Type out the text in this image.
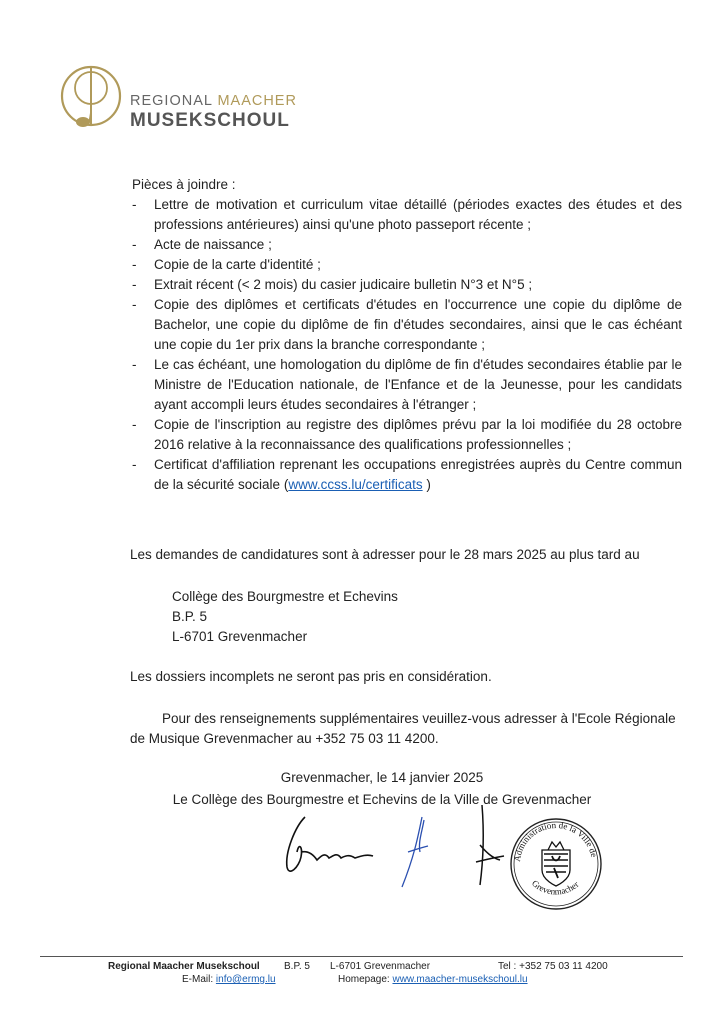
REGIONAL MAACHER
MUSEKSCHOUL
Pièces à joindre :
- Lettre de motivation et curriculum vitae détaillé (périodes exactes des études et des professions antérieures) ainsi qu'une photo passeport récente ;
- Acte de naissance ;
- Copie de la carte d'identité ;
- Extrait récent (< 2 mois) du casier judicaire bulletin N°3 et N°5 ;
- Copie des diplômes et certificats d'études en l'occurrence une copie du diplôme de Bachelor, une copie du diplôme de fin d'études secondaires, ainsi que le cas échéant une copie du 1er prix dans la branche correspondante ;
- Le cas échéant, une homologation du diplôme de fin d'études secondaires établie par le Ministre de l'Education nationale, de l'Enfance et de la Jeunesse, pour les candidats ayant accompli leurs études secondaires à l'étranger ;
- Copie de l'inscription au registre des diplômes prévu par la loi modifiée du 28 octobre 2016 relative à la reconnaissance des qualifications professionnelles ;
- Certificat d'affiliation reprenant les occupations enregistrées auprès du Centre commun de la sécurité sociale (www.ccss.lu/certificats )
Les demandes de candidatures sont à adresser pour le 28 mars 2025 au plus tard au
Collège des Bourgmestre et Echevins
B.P. 5
L-6701 Grevenmacher
Les dossiers incomplets ne seront pas pris en considération.
Pour des renseignements supplémentaires veuillez-vous adresser à l'Ecole Régionale de Musique Grevenmacher au +352 75 03 11 4200.
Grevenmacher, le 14 janvier 2025
Le Collège des Bourgmestre et Echevins de la Ville de Grevenmacher
Administration de la Ville de
Grevenmacher
Regional Maacher Musekschoul B.P. 5 L-6701 Grevenmacher	Tel : +352 75 03 11 4200
E-Mail: info@ermg.lu	Homepage: www.maacher-musekschoul.lu
